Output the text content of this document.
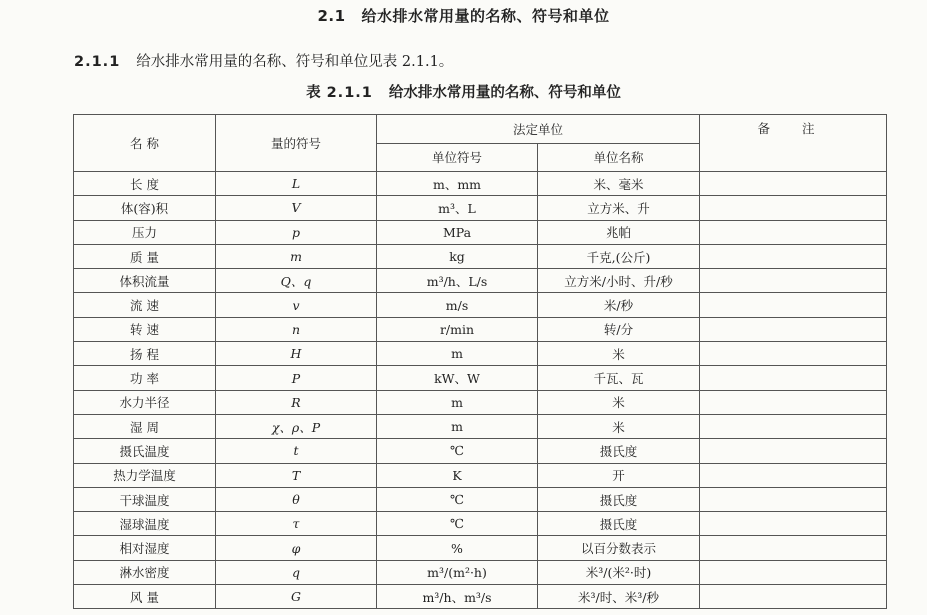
2.1 给水排水常用量的名称、符号和单位
2.1.1 给水排水常用量的名称、符号和单位见表 2.1.1。
表 2.1.1 给水排水常用量的名称、符号和单位
名 称	量的符号	法定单位		备 注
		单位符号	单位名称	
长 度	L	m、mm	米、毫米	
体(容)积	V	m³、L	立方米、升	
压力	p	MPa	兆帕	
质 量	m	kg	千克,(公斤)	
体积流量	Q、q	m³/h、L/s	立方米/小时、升/秒	
流 速	v	m/s	米/秒	
转 速	n	r/min	转/分	
扬 程	H	m	米	
功 率	P	kW、W	千瓦、瓦	
水力半径	R	m	米	
湿 周	χ、ρ、P	m	米	
摄氏温度	t	℃	摄氏度	
热力学温度	T	K	开	
干球温度	θ	℃	摄氏度	
湿球温度	τ	℃	摄氏度	
相对湿度	φ	%	以百分数表示	
淋水密度	q	m³/(m²·h)	米³/(米²·时)	
风 量	G	m³/h、m³/s	米³/时、米³/秒	
